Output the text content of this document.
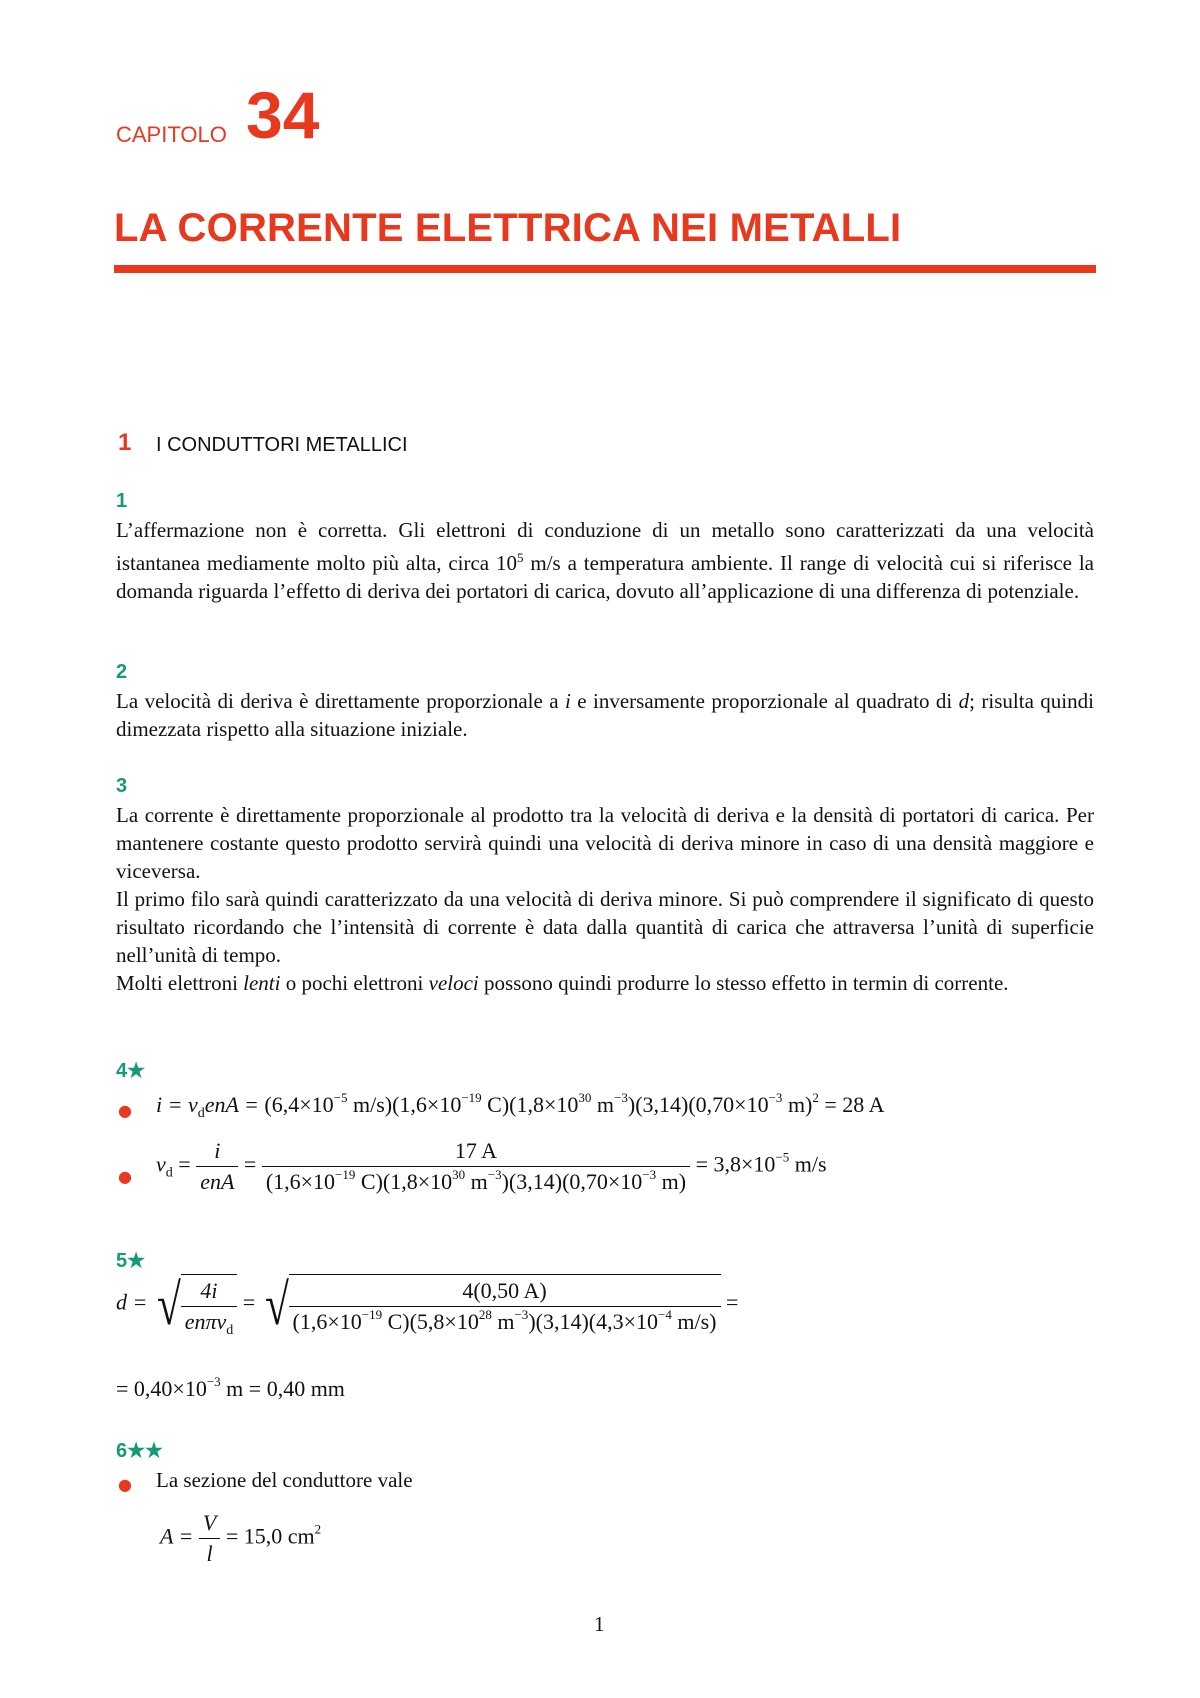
CAPITOLO 34
LA CORRENTE ELETTRICA NEI METALLI
1 I CONDUTTORI METALLICI
1

L’affermazione non è corretta. Gli elettroni di conduzione di un metallo sono caratterizzati da una velocità istantanea mediamente molto più alta, circa $10^5$ m/s a temperatura ambiente. Il range di velocità cui si riferisce la domanda riguarda l’effetto di deriva dei portatori di carica, dovuto all’applicazione di una differenza di potenziale.

2

La velocità di deriva è direttamente proporzionale a i e inversamente proporzionale al quadrato di d; risulta quindi dimezzata rispetto alla situazione iniziale.

3

La corrente è direttamente proporzionale al prodotto tra la velocità di deriva e la densità di portatori di carica. Per mantenere costante questo prodotto servirà quindi una velocità di deriva minore in caso di una densità maggiore e viceversa.

Il primo filo sarà quindi caratterizzato da una velocità di deriva minore. Si può comprendere il significato di questo risultato ricordando che l’intensità di corrente è data dalla quantità di carica che attraversa l’unità di superficie nell’unità di tempo.

Molti elettroni lenti o pochi elettroni veloci possono quindi produrre lo stesso effetto in termin di corrente.

4★
● $i = v_denA = (6,4\times 10^{-5}$ $m/s)(1,6\times 10^{-19}$ $C)(1,8\times 10^{30}$ $m^{-3})(3,14)(0,70\times 10^{-3}$ m)$^2$ = 28 A
● $v_d = \frac{i}{\text{enA}} = \frac{17 A}{(1,6\times 10^{-19} C)(1,8\times 10^{30} m^{-3})(3,14)(0,70\times 10^{-3} m)} = 3,8\times 10^{-5}$ m/s
5★
d = √ $\frac{4i}{en\pi v_d}$ = √ $\frac{4(0,50 A)}{(1,6\times 10^{-19} C)(5,8\times 10^{28} m^{-3})(3,14)(4,3\times 10^{-4} m/s)}$ =
= $0,40\times 10^{-3}$ m = 0,40 mm
6★★
● La sezione del conduttore vale
$A = \frac{V}{l} = 15,0$ $cm^2$
1
